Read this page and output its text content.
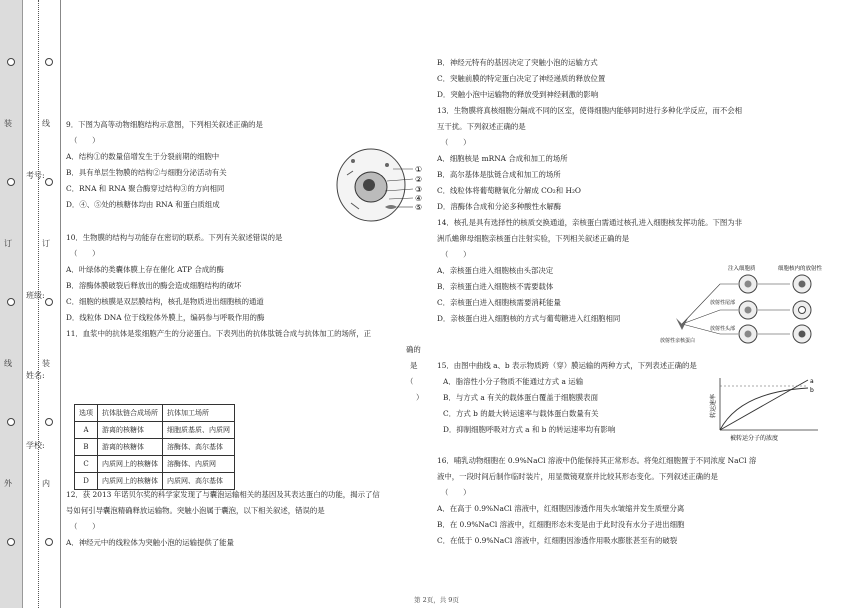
装
订
线
外
考号:
班级:
姓名:
学校:
线
订
装
内
9．下图为高等动物细胞结构示意图，下列相关叙述正确的是
（　　）
A．结构①的数量倍增发生于分裂前期的细胞中
B．具有单层生物膜的结构②与细胞分泌活动有关
C．RNA 和 RNA 聚合酶穿过结构③的方向相同
D．④、⑤处的核糖体均由 RNA 和蛋白质组成
①
②
③
④
⑤
10．生物膜的结构与功能存在密切的联系。下列有关叙述错误的是
（　　）
A．叶绿体的类囊体膜上存在催化 ATP 合成的酶
B．溶酶体膜破裂后释放出的酶会造成细胞结构的破坏
C．细胞的核膜是双层膜结构，核孔是物质进出细胞核的通道
D．线粒体 DNA 位于线粒体外膜上，编码参与呼吸作用的酶
11．血浆中的抗体是浆细胞产生的分泌蛋白。下表列出的抗体肽链合成与抗体加工的场所，正
确的
是
（
）
选项	抗体肽链合成场所	抗体加工场所
A	游离的核糖体	细胞质基质、内质网
B	游离的核糖体	溶酶体、高尔基体
C	内质网上的核糖体	溶酶体、内质网
D	内质网上的核糖体	内质网、高尔基体
12．获 2013 年诺贝尔奖的科学家发现了与囊泡运输相关的基因及其表达蛋白的功能，揭示了信
号如何引导囊泡精确释放运输物。突触小泡属于囊泡，以下相关叙述，错误的是
（　　）
A．神经元中的线粒体为突触小泡的运输提供了能量
B．神经元特有的基因决定了突触小泡的运输方式
C．突触前膜的特定蛋白决定了神经递质的释放位置
D．突触小泡中运输物的释放受到神经刺激的影响
13．生物膜将真核细胞分隔成不同的区室，使得细胞内能够同时进行多种化学反应，而不会相
互干扰。下列叙述正确的是
（　　）
A．细胞核是 mRNA 合成和加工的场所
B．高尔基体是肽链合成和加工的场所
C．线粒体将葡萄糖氧化分解成 CO₂和 H₂O
D．溶酶体合成和分泌多种酸性水解酶
14．核孔是具有选择性的核质交换通道，亲核蛋白需通过核孔进入细胞核发挥功能。下图为非
洲爪蟾卵母细胞亲核蛋白注射实验，下列相关叙述正确的是
（　　）
A．亲核蛋白进入细胞核由头部决定
B．亲核蛋白进入细胞核不需要载体
C．亲核蛋白进入细胞核需要消耗能量
D．亲核蛋白进入细胞核的方式与葡萄糖进入红细胞相同
注入细胞质	细胞核内的放射性
放射性尾部
放射性头部
放射性亲核蛋白
15．由图中曲线 a、b 表示物质跨（穿）膜运输的两种方式，下列表述正确的是
A．脂溶性小分子物质不能通过方式 a 运输
B．与方式 a 有关的载体蛋白覆盖于细胞膜表面
C．方式 b 的最大转运速率与载体蛋白数量有关
D．抑制细胞呼吸对方式 a 和 b 的转运速率均有影响
a
b
被转运分子的浓度
转运速率
16．哺乳动物细胞在 0.9%NaCl 溶液中仍能保持其正常形态。将兔红细胞置于不同浓度 NaCl 溶
液中，一段时间后制作临时装片，用显微镜观察并比较其形态变化。下列叙述正确的是
（　　）
A．在高于 0.9%NaCl 溶液中，红细胞因渗透作用失水皱缩并发生质壁分离
B．在 0.9%NaCl 溶液中，红细胞形态未变是由于此时没有水分子进出细胞
C．在低于 0.9%NaCl 溶液中，红细胞因渗透作用吸水膨胀甚至有的破裂
第 2页，共 9页
